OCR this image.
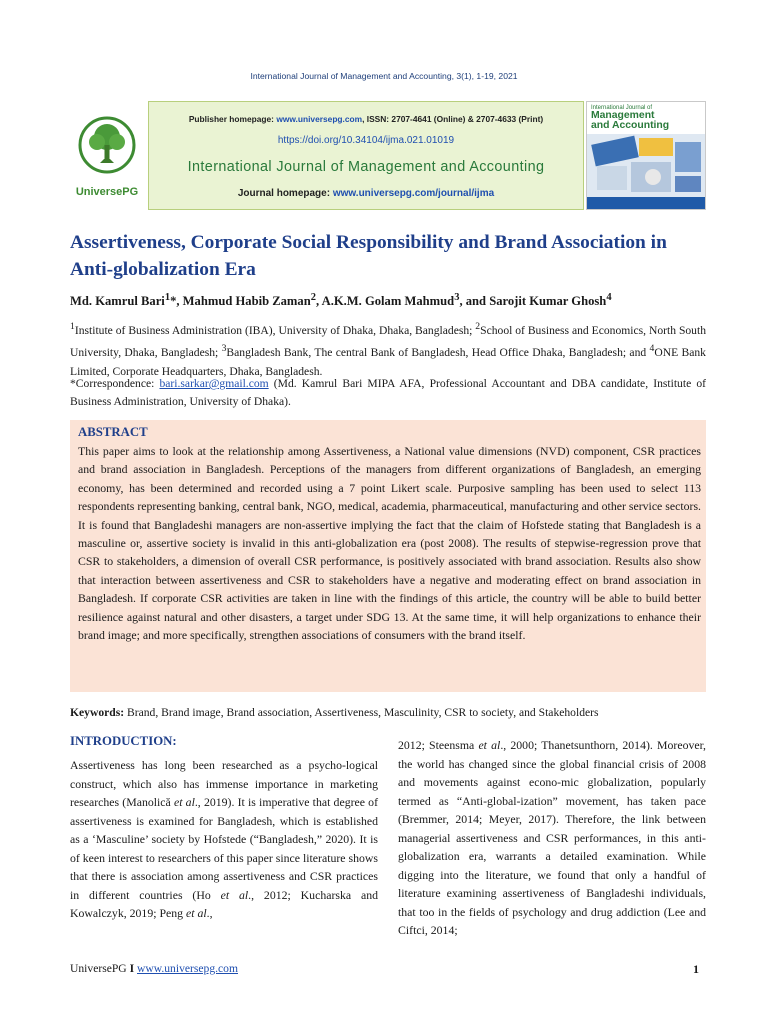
International Journal of Management and Accounting, 3(1), 1-19, 2021
UniversePG
Publisher homepage: www.universepg.com, ISSN: 2707-4641 (Online) & 2707-4633 (Print)
https://doi.org/10.34104/ijma.021.01019
International Journal of Management and Accounting
Journal homepage: www.universepg.com/journal/ijma
International Journal of
Management
and Accounting
Assertiveness, Corporate Social Responsibility and Brand Association in Anti-globalization Era
Md. Kamrul Bari$^1$*, Mahmud Habib Zaman$^2$, A.K.M. Golam Mahmud$^3$, and Sarojit Kumar Ghosh$^4$
$^1$Institute of Business Administration (IBA), University of Dhaka, Dhaka, Bangladesh; $^2$School of Business and Economics, North South University, Dhaka, Bangladesh; $^3$Bangladesh Bank, The central Bank of Bangladesh, Head Office Dhaka, Bangladesh; and $^4$ONE Bank Limited, Corporate Headquarters, Dhaka, Bangladesh.
*Correspondence: bari.sarkar@gmail.com (Md. Kamrul Bari MIPA AFA, Professional Accountant and DBA candidate, Institute of Business Administration, University of Dhaka).
ABSTRACT

This paper aims to look at the relationship among Assertiveness, a National value dimensions (NVD) component, CSR practices and brand association in Bangladesh. Perceptions of the managers from different organizations of Bangladesh, an emerging economy, has been determined and recorded using a 7 point Likert scale. Purposive sampling has been used to select 113 respondents representing banking, central bank, NGO, medical, academia, pharmaceutical, manufacturing and other service sectors. It is found that Bangladeshi managers are non-assertive implying the fact that the claim of Hofstede stating that Bangladesh is a masculine or, assertive society is invalid in this anti-globalization era (post 2008). The results of stepwise-regression prove that CSR to stakeholders, a dimension of overall CSR performance, is positively associated with brand association. Results also show that interaction between assertiveness and CSR to stakeholders have a negative and moderating effect on brand association in Bangladesh. If corporate CSR activities are taken in line with the findings of this article, the country will be able to build better resilience against natural and other disasters, a target under SDG 13. At the same time, it will help organizations to enhance their brand image; and more specifically, strengthen associations of consumers with the brand itself.

Keywords: Brand, Brand image, Brand association, Assertiveness, Masculinity, CSR to society, and Stakeholders
INTRODUCTION:
Assertiveness has long been researched as a psycho-logical construct, which also has immense importance in marketing researches (Manolică et al., 2019). It is imperative that degree of assertiveness is examined for Bangladesh, which is established as a ‘Masculine’ society by Hofstede (“Bangladesh,” 2020). It is of keen interest to researchers of this paper since literature shows that there is association among assertiveness and CSR practices in different countries (Ho et al., 2012; Kucharska and Kowalczyk, 2019; Peng et al.,
2012; Steensma et al., 2000; Thanetsunthorn, 2014). Moreover, the world has changed since the global financial crisis of 2008 and movements against econo-mic globalization, popularly termed as “Anti-global-ization” movement, has taken pace (Bremmer, 2014; Meyer, 2017). Therefore, the link between managerial assertiveness and CSR performances, in this anti-globalization era, warrants a detailed examination. While digging into the literature, we found that only a handful of literature examining assertiveness of Bangladeshi individuals, that too in the fields of psychology and drug addiction (Lee and Ciftci, 2014;
UniversePG I www.universepg.com	1
